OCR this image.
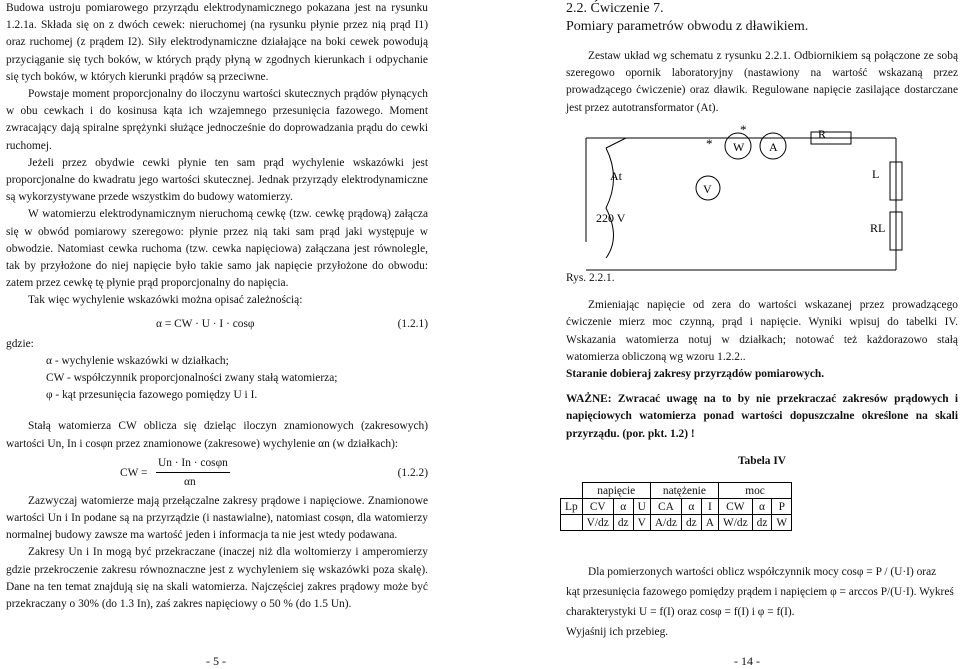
Budowa ustroju pomiarowego przyrządu elektrodynamicznego pokazana jest na rysunku 1.2.1a. Składa się on z dwóch cewek: nieruchomej (na rysunku płynie przez nią prąd I1) oraz ruchomej (z prądem I2). Siły elektrodynamiczne działające na boki cewek powodują przyciąganie się tych boków, w których prądy płyną w zgodnych kierunkach i odpychanie się tych boków, w których kierunki prądów są przeciwne.

Powstaje moment proporcjonalny do iloczynu wartości skutecznych prądów płynących w obu cewkach i do kosinusa kąta ich wzajemnego przesunięcia fazowego. Moment zwracający dają spiralne sprężynki służące jednocześnie do doprowadzania prądu do cewki ruchomej.

Jeżeli przez obydwie cewki płynie ten sam prąd wychylenie wskazówki jest proporcjonalne do kwadratu jego wartości skutecznej. Jednak przyrządy elektrodynamiczne są wykorzystywane przede wszystkim do budowy watomierzy.

W watomierzu elektrodynamicznym nieruchomą cewkę (tzw. cewkę prądową) załącza się w obwód pomiarowy szeregowo: płynie przez nią taki sam prąd jaki występuje w obwodzie. Natomiast cewka ruchoma (tzw. cewka napięciowa) załączana jest równolegle, tak by przyłożone do niej napięcie było takie samo jak napięcie przyłożone do obwodu: zatem przez cewkę tę płynie prąd proporcjonalny do napięcia.

Tak więc wychylenie wskazówki można opisać zależnością:

α = CW · U · I · cosφ	(1.2.1)
gdzie:
α - wychylenie wskazówki w działkach;
CW - współczynnik proporcjonalności zwany stałą watomierza;
φ - kąt przesunięcia fazowego pomiędzy U i I.

Stałą watomierza CW oblicza się dzieląc iloczyn znamionowych (zakresowych) wartości Un, In i cosφn przez znamionowe (zakresowe) wychylenie αn (w działkach):

CW =
Un · In · cosφn
αn
(1.2.2)

Zazwyczaj watomierze mają przełączalne zakresy prądowe i napięciowe. Znamionowe wartości Un i In podane są na przyrządzie (i nastawialne), natomiast cosφn, dla watomierzy normalnej budowy zawsze ma wartość jeden i informacja ta nie jest wtedy podawana.

Zakresy Un i In mogą być przekraczane (inaczej niż dla woltomierzy i amperomierzy gdzie przekroczenie zakresu równoznaczne jest z wychyleniem się wskazówki poza skalę). Dane na ten temat znajdują się na skali watomierza. Najczęściej zakres prądowy może być przekraczany o 30% (do 1.3 In), zaś zakres napięciowy o 50 % (do 1.5 Un).

- 5 -
2.2. Ćwiczenie 7.
Pomiary parametrów obwodu z dławikiem.

Zestaw układ wg schematu z rysunku 2.2.1. Odbiornikiem są połączone ze sobą szeregowo opornik laboratoryjny (nastawiony na wartość wskazaną przez prowadzącego ćwiczenie) oraz dławik. Regulowane napięcie zasilające dostarczane jest przez autotransformator (At).

At
220 V
*
*
W A
V
R
L
RL
Rys. 2.2.1.

Zmieniając napięcie od zera do wartości wskazanej przez prowadzącego ćwiczenie mierz moc czynną, prąd i napięcie. Wyniki wpisuj do tabelki IV. Wskazania watomierza notuj w działkach; notować też każdorazowo stałą watomierza obliczoną wg wzoru 1.2.2..

Staranie dobieraj zakresy przyrządów pomiarowych.

WAŻNE: Zwracać uwagę na to by nie przekraczać zakresów prądowych i napięciowych watomierza ponad wartości dopuszczalne określone na skali przyrządu. (por. pkt. 1.2) !

Tabela IV
	napięcie			natężenie			moc		
Lp	CV	α	U	CA	α	I	CW	α	P
	V/dz	dz	V	A/dz	dz	A	W/dz	dz	W

Dla pomierzonych wartości oblicz współczynnik mocy cosφ = P / (U·I) oraz

kąt przesunięcia fazowego pomiędzy prądem i napięciem φ = arccos P/(U·I). Wykreś

charakterystyki U = f(I) oraz cosφ = f(I) i φ = f(I).

Wyjaśnij ich przebieg.

- 14 -
